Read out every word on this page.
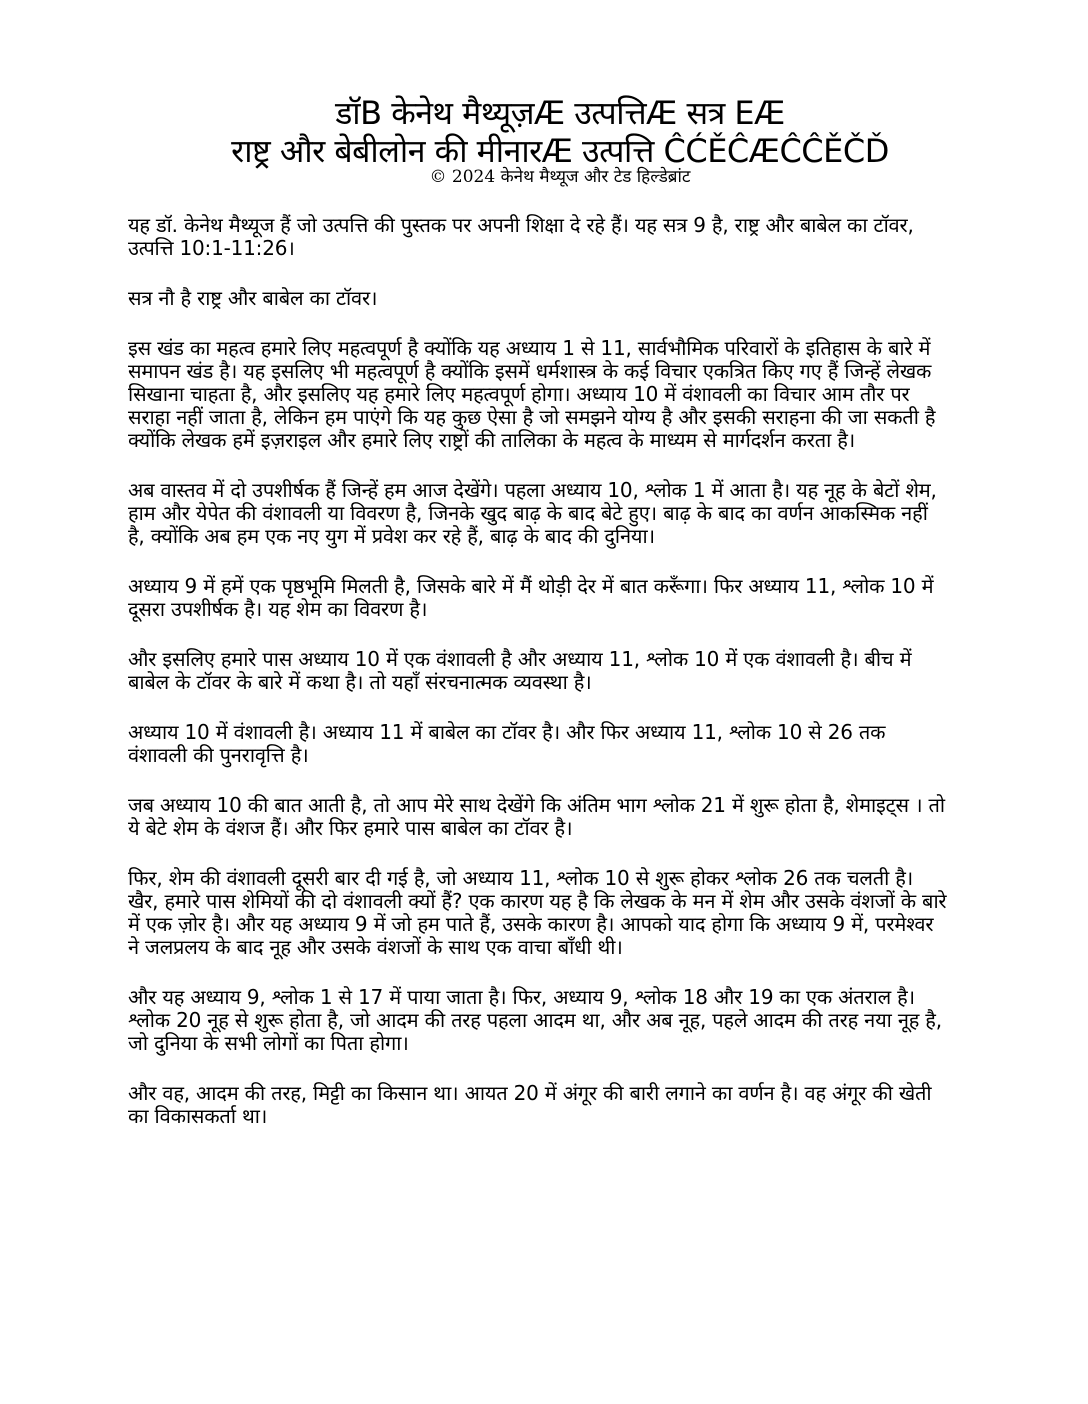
डॉB केनेथ मैथ्यूज़Æ उत्पत्तिÆ सत्र EÆ
राष्ट्र और बेबीलोन की मीनारÆ उत्पत्ति ĈĆĚĈÆĈĈĚČĎ
© 2024 केनेथ मैथ्यूज और टेड हिल्डेब्रांट

यह डॉ. केनेथ मैथ्यूज हैं जो उत्पत्ति की पुस्तक पर अपनी शिक्षा दे रहे हैं। यह सत्र 9 है, राष्ट्र और बाबेल का टॉवर, उत्पत्ति 10:1-11:26।

सत्र नौ है राष्ट्र और बाबेल का टॉवर।

इस खंड का महत्व हमारे लिए महत्वपूर्ण है क्योंकि यह अध्याय 1 से 11, सार्वभौमिक परिवारों के इतिहास के बारे में समापन खंड है। यह इसलिए भी महत्वपूर्ण है क्योंकि इसमें धर्मशास्त्र के कई विचार एकत्रित किए गए हैं जिन्हें लेखक सिखाना चाहता है, और इसलिए यह हमारे लिए महत्वपूर्ण होगा। अध्याय 10 में वंशावली का विचार आम तौर पर सराहा नहीं जाता है, लेकिन हम पाएंगे कि यह कुछ ऐसा है जो समझने योग्य है और इसकी सराहना की जा सकती है क्योंकि लेखक हमें इज़राइल और हमारे लिए राष्ट्रों की तालिका के महत्व के माध्यम से मार्गदर्शन करता है।

अब वास्तव में दो उपशीर्षक हैं जिन्हें हम आज देखेंगे। पहला अध्याय 10, श्लोक 1 में आता है। यह नूह के बेटों शेम, हाम और येपेत की वंशावली या विवरण है, जिनके खुद बाढ़ के बाद बेटे हुए। बाढ़ के बाद का वर्णन आकस्मिक नहीं है, क्योंकि अब हम एक नए युग में प्रवेश कर रहे हैं, बाढ़ के बाद की दुनिया।

अध्याय 9 में हमें एक पृष्ठभूमि मिलती है, जिसके बारे में मैं थोड़ी देर में बात करूँगा। फिर अध्याय 11, श्लोक 10 में दूसरा उपशीर्षक है। यह शेम का विवरण है।

और इसलिए हमारे पास अध्याय 10 में एक वंशावली है और अध्याय 11, श्लोक 10 में एक वंशावली है। बीच में बाबेल के टॉवर के बारे में कथा है। तो यहाँ संरचनात्मक व्यवस्था है।

अध्याय 10 में वंशावली है। अध्याय 11 में बाबेल का टॉवर है। और फिर अध्याय 11, श्लोक 10 से 26 तक वंशावली की पुनरावृत्ति है।

जब अध्याय 10 की बात आती है, तो आप मेरे साथ देखेंगे कि अंतिम भाग श्लोक 21 में शुरू होता है, शेमाइट्स । तो ये बेटे शेम के वंशज हैं। और फिर हमारे पास बाबेल का टॉवर है।

फिर, शेम की वंशावली दूसरी बार दी गई है, जो अध्याय 11, श्लोक 10 से शुरू होकर श्लोक 26 तक चलती है। खैर, हमारे पास शेमियों की दो वंशावली क्यों हैं? एक कारण यह है कि लेखक के मन में शेम और उसके वंशजों के बारे में एक ज़ोर है। और यह अध्याय 9 में जो हम पाते हैं, उसके कारण है। आपको याद होगा कि अध्याय 9 में, परमेश्वर ने जलप्रलय के बाद नूह और उसके वंशजों के साथ एक वाचा बाँधी थी।

और यह अध्याय 9, श्लोक 1 से 17 में पाया जाता है। फिर, अध्याय 9, श्लोक 18 और 19 का एक अंतराल है। श्लोक 20 नूह से शुरू होता है, जो आदम की तरह पहला आदम था, और अब नूह, पहले आदम की तरह नया नूह है, जो दुनिया के सभी लोगों का पिता होगा।

और वह, आदम की तरह, मिट्टी का किसान था। आयत 20 में अंगूर की बारी लगाने का वर्णन है। वह अंगूर की खेती का विकासकर्ता था।
